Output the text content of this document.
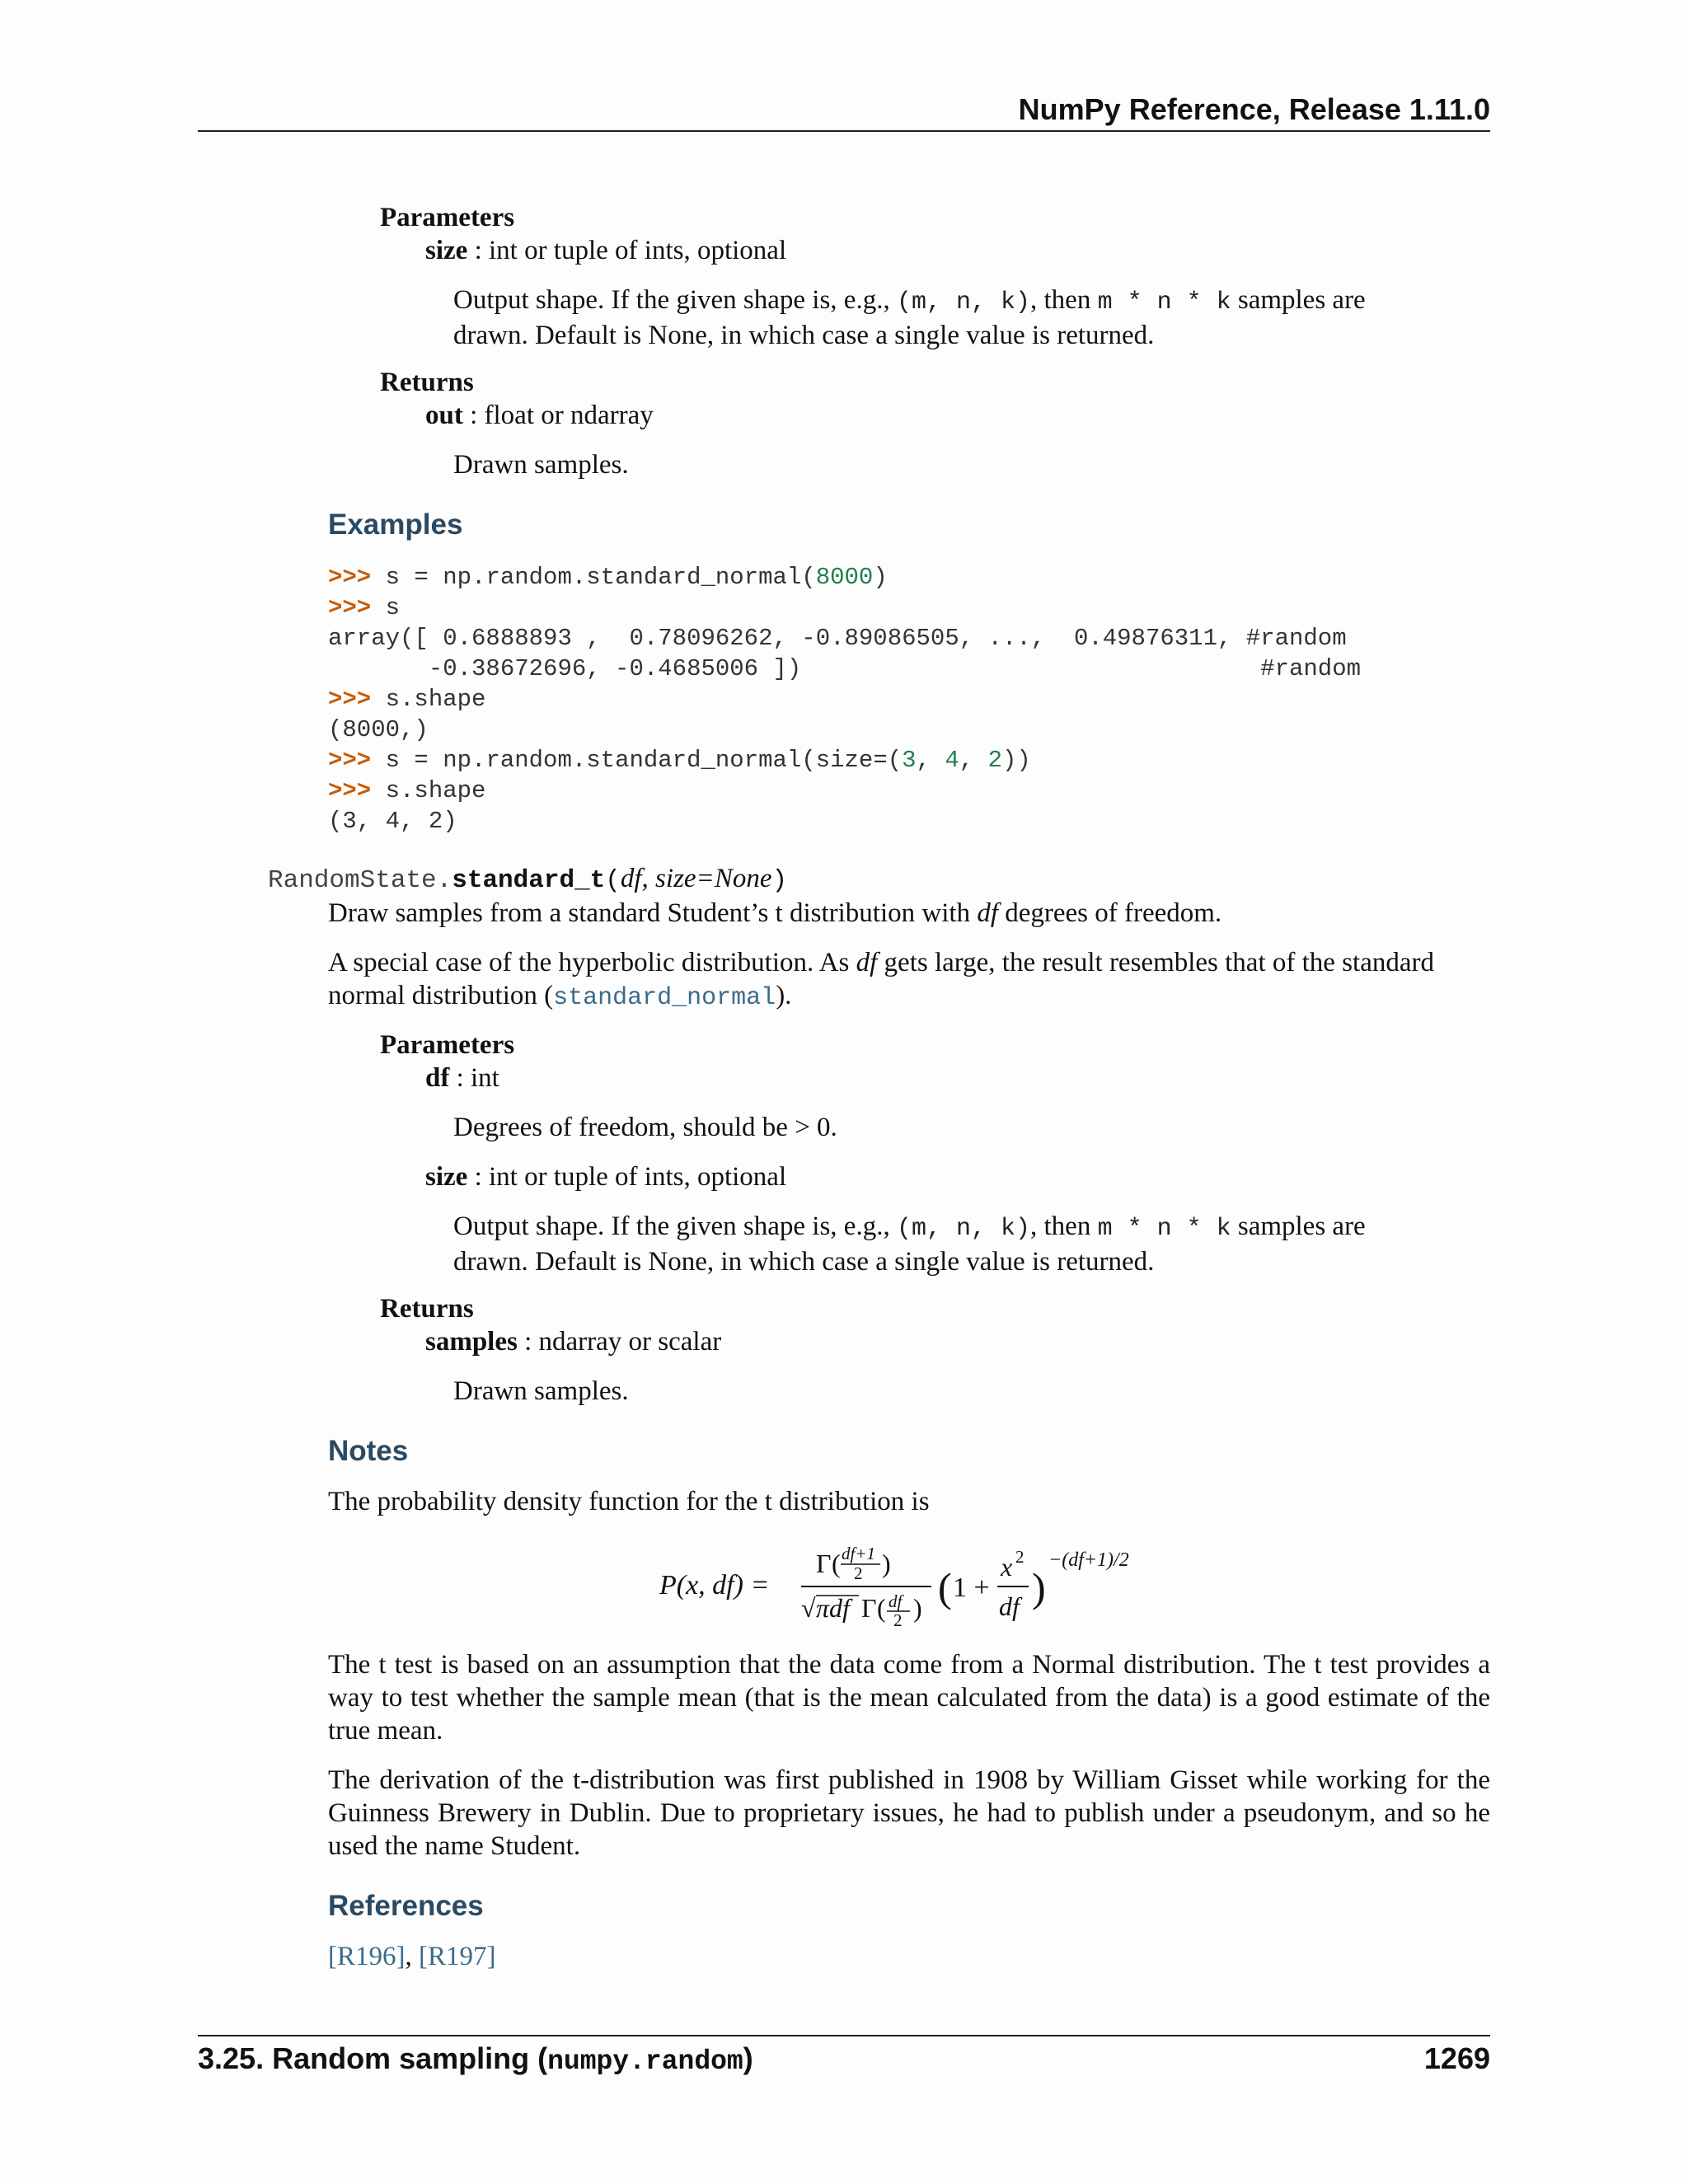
NumPy Reference, Release 1.11.0
Parameters
size : int or tuple of ints, optional
Output shape. If the given shape is, e.g., (m, n, k), then m * n * k samples are
drawn. Default is None, in which case a single value is returned.
Returns
out : float or ndarray
Drawn samples.
Examples
>>> s = np.random.standard_normal(8000)
>>> s
array([ 0.6888893 ,  0.78096262, -0.89086505, ...,  0.49876311, #random
-0.38672696, -0.4685006 ])                                #random
>>> s.shape
(8000,)
>>> s = np.random.standard_normal(size=(3, 4, 2))
>>> s.shape
(3, 4, 2)
RandomState.standard_t(df, size=None)
Draw samples from a standard Student’s t distribution with df degrees of freedom.
A special case of the hyperbolic distribution. As df gets large, the result resembles that of the standard
normal distribution (standard_normal).
Parameters
df : int
Degrees of freedom, should be > 0.
size : int or tuple of ints, optional
Output shape. If the given shape is, e.g., (m, n, k), then m * n * k samples are
drawn. Default is None, in which case a single value is returned.
Returns
samples : ndarray or scalar
Drawn samples.
Notes
The probability density function for the t distribution is
P(x, df) =
Γ ( df+1
2 )
√ πdf Γ ( df
2 ) ( 1 +
x 2
df )
−(df+1)/2
The t test is based on an assumption that the data come from a Normal distribution. The t test provides a way to test whether the sample mean (that is the mean calculated from the data) is a good estimate of the true mean.
The derivation of the t-distribution was first published in 1908 by William Gisset while working for the Guinness Brewery in Dublin. Due to proprietary issues, he had to publish under a pseudonym, and so he used the name Student.
References
[R196], [R197]
3.25. Random sampling (numpy.random)	1269
